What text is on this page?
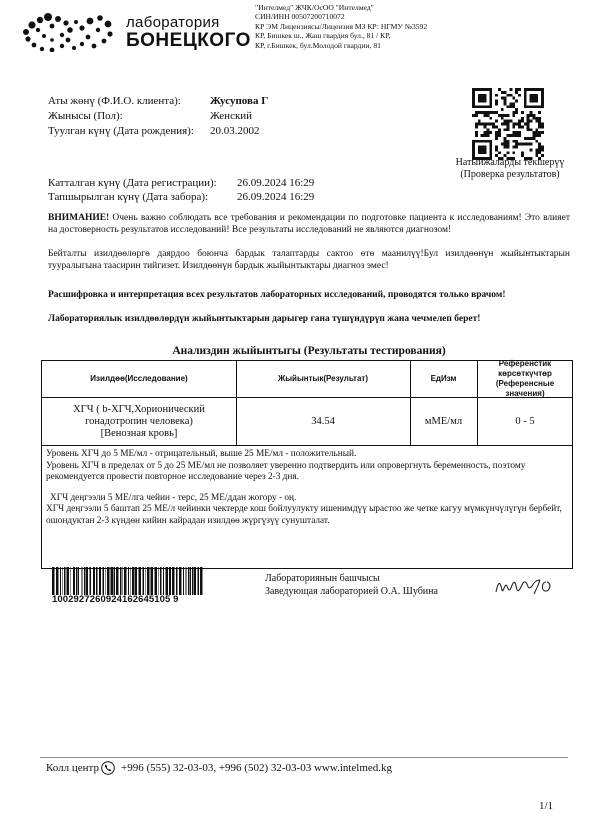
лаборатория
БОНЕЦКОГО
"Интелмед" ЖЧК/ОсОО "Интелмед"
СИН/ИНН 00507200710072
КР ЭМ Лицензиясы/Лицензия МЗ КР: НГМУ №3592
КР, Бишкек ш., Жаш гвардия бул., 81 / КР,
КР, г.Бишкек, бул.Молодой гвардии, 81
Аты жөнү (Ф.И.О. клиента):	Жусупова Г
Жынысы (Пол):	Женский
Туулган күнү (Дата рождения): 20.03.2002
Катталган күнү (Дата регистрации): 26.09.2024 16:29
Тапшырылган күнү (Дата забора):	26.09.2024 16:29
Натыйжаларды текшерүү
(Проверка результатов)
ВНИМАНИЕ! Очень важно соблюдать все требования и рекомендации по подготовке пациента к исследованиям! Это влияет на достоверность результатов исследований! Все результаты исследований не являются диагнозом!
Бейталты изилдөөлөргө даярдоо боюнча бардык талаптарды сактоо өтө маанилүү!Бул изилдөөнүн жыйынтыктарын тууралыгына таасирин тийгизет. Изилдөөнүн бардык жыйынтыктары диагноз эмес!
Расшифровка и интерпретация всех результатов лабораторных исследований, проводятся только врачом!
Лабораториялык изилдөөлөрдүн жыйынтыктарын дарыгер гана түшүндүрүп жана чечмелеп берет!
Анализдин жыйынтыгы (Результаты тестирования)
Изилдөө(Исследование)	Жыйынтык(Результат)	ЕдИзм
Референстик көрсөткүчтөр
(Референсные значения)
ХГЧ ( b-ХГЧ,Хорионический
гонадотропин человека)
[Венозная кровь]
34.54	мМЕ/мл	0 - 5

Уровень ХГЧ до 5 МЕ/мл - отрицательный, выше 25 МЕ/мл - положительный.

Уровень ХГЧ в пределах от 5 до 25 МЕ/мл не позволяет уверенно подтвердить или опровергнуть беременность, поэтому рекомендуется провести повторное исследование через 2-3 дня.

ХГЧ деңгээли 5 МЕ/лга чейин - терс, 25 МЕ/ддан жогору - оң.

ХГЧ деңгээли 5 баштап 25 МЕ/л чейинки чектерде кош бойлуулукту ишенимдүү ырастоо же четке кагуу мүмкүнчүлүгүн бербейт, ошондуктан 2-3 күндөн кийин кайрадан изилдөө жүргүзүү сунушталат.

1002927260924162645105 9
Лабораториянын башчысы
Заведующая лабораторией О.А. Шубина
Колл центр +996 (555) 32-03-03, +996 (502) 32-03-03 www.intelmed.kg
1/1
